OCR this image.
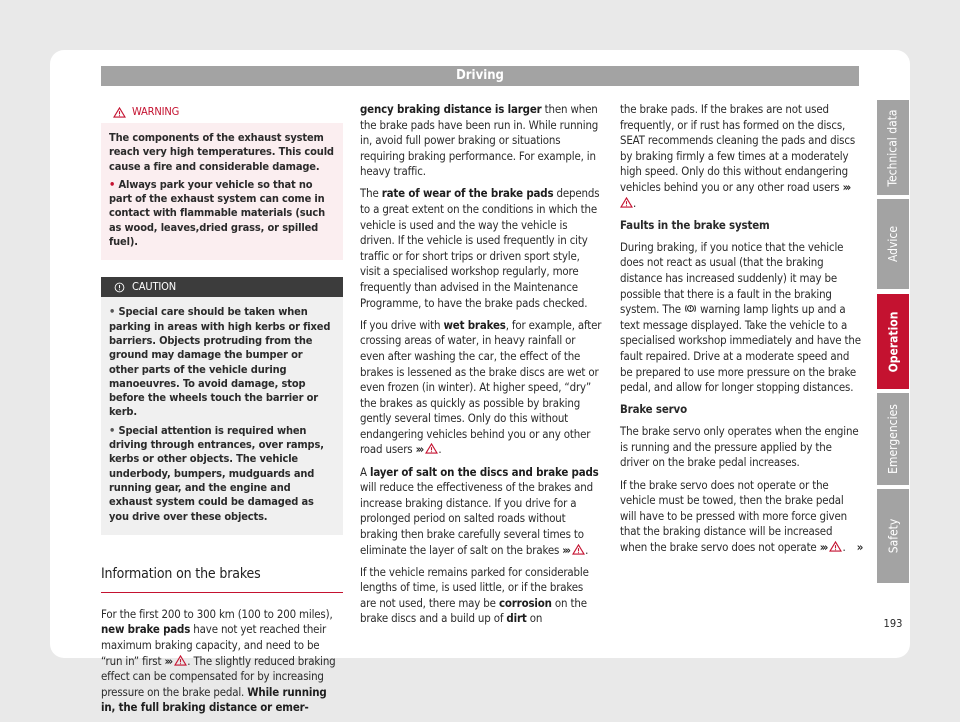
Driving
WARNING

The components of the exhaust system reach very high temperatures. This could cause a fire and considerable damage.

• Always park your vehicle so that no part of the exhaust system can come in contact with flammable materials (such as wood, leaves,dried grass, or spilled fuel).

CAUTION

• Special care should be taken when parking in areas with high kerbs or fixed barriers. Objects protruding from the ground may damage the bumper or other parts of the vehicle during manoeuvres. To avoid damage, stop before the wheels touch the barrier or kerb.

• Special attention is required when driving through entrances, over ramps, kerbs or other objects. The vehicle underbody, bumpers, mudguards and running gear, and the engine and exhaust system could be damaged as you drive over these objects.

Information on the brakes

For the first 200 to 300 km (100 to 200 miles), new brake pads have not yet reached their maximum braking capacity, and need to be “run in” first ››› . The slightly reduced braking effect can be compensated for by increasing pressure on the brake pedal. While running in, the full braking distance or emer-

gency braking distance is larger then when the brake pads have been run in. While running in, avoid full power braking or situations requiring braking performance. For example, in heavy traffic.

The rate of wear of the brake pads depends to a great extent on the conditions in which the vehicle is used and the way the vehicle is driven. If the vehicle is used frequently in city traffic or for short trips or driven sport style, visit a specialised workshop regularly, more frequently than advised in the Maintenance Programme, to have the brake pads checked.

If you drive with wet brakes, for example, after crossing areas of water, in heavy rainfall or even after washing the car, the effect of the brakes is lessened as the brake discs are wet or even frozen (in winter). At higher speed, “dry” the brakes as quickly as possible by braking gently several times. Only do this without endangering vehicles behind you or any other road users ››› .

A layer of salt on the discs and brake pads will reduce the effectiveness of the brakes and increase braking distance. If you drive for a prolonged period on salted roads without braking then brake carefully several times to eliminate the layer of salt on the brakes ››› .

If the vehicle remains parked for considerable lengths of time, is used little, or if the brakes are not used, there may be corrosion on the brake discs and a build up of dirt on

the brake pads. If the brakes are not used frequently, or if rust has formed on the discs, SEAT recommends cleaning the pads and discs by braking firmly a few times at a moderately high speed. Only do this without endangering vehicles behind you or any other road users ››› .

Faults in the brake system

During braking, if you notice that the vehicle does not react as usual (that the braking distance has increased suddenly) it may be possible that there is a fault in the braking system. The  warning lamp lights up and a text message displayed. Take the vehicle to a specialised workshop immediately and have the fault repaired. Drive at a moderate speed and be prepared to use more pressure on the brake pedal, and allow for longer stopping distances.

Brake servo

The brake servo only operates when the engine is running and the pressure applied by the driver on the brake pedal increases.

If the brake servo does not operate or the vehicle must be towed, then the brake pedal will have to be pressed with more force given that the braking distance will be increased when the brake servo does not operate ››› . »

Technical data
Advice
Operation
Emergencies
Safety
193
